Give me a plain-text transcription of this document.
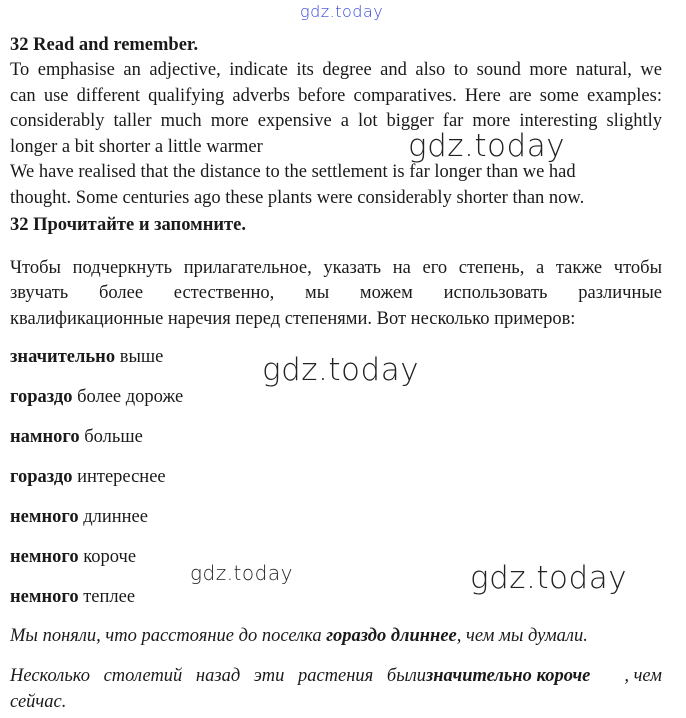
gdz.today
32 Read and remember.
To emphasise an adjective, indicate its degree and also to sound more natural, we
can use different qualifying adverbs before comparatives. Here are some examples:
considerably taller much more expensive a lot bigger far more interesting slightly
longer a bit shorter a little warmer
We have realised that the distance to the settlement is far longer than we had
thought. Some centuries ago these plants were considerably shorter than now.
32 Прочитайте и запомните.
gdz.today
Чтобы подчеркнуть прилагательное, указать на его степень, а также чтобы
звучать более естественно, мы можем использовать различные
квалификационные наречия перед степенями. Вот несколько примеров:
значительно выше
гораздо более дороже
намного больше
гораздо интереснее
немного длиннее
немного короче
немного теплее
gdz.today
gdz.today	gdz.today
Мы поняли, что расстояние до поселка гораздо длиннее, чем мы думали.
Несколько столетий назад эти растения были значительно короче , чем
сейчас.
